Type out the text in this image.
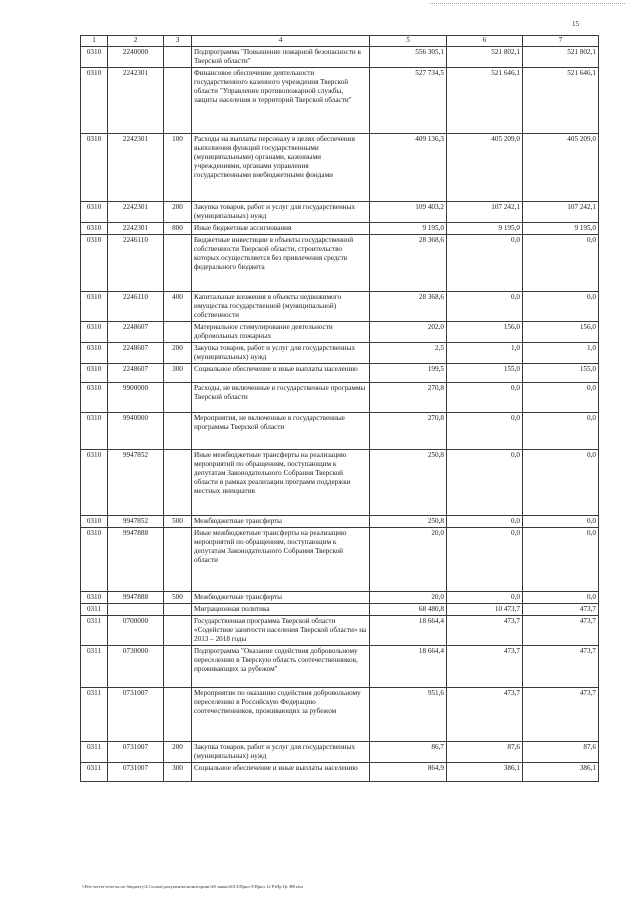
15
1	2	3	4	5	6	7
0310	2240000		Подпрограмма "Повышение пожарной безопасности в Тверской области"	556 305,1	521 802,1	521 802,1
0310	2242301		Финансовое обеспечение деятельности государственного казенного учреждения Тверской области "Управление противопожарной службы, защиты населения и территорий Тверской области"	527 734,5	521 646,1	521 646,1
0310	2242301	100	Расходы на выплаты персоналу в целях обеспечения выполнения функций государственными (муниципальными) органами, казенными учреждениями, органами управления государственными внебюджетными фондами	409 136,3	405 209,0	405 209,0
0310	2242301	200	Закупка товаров, работ и услуг для государственных (муниципальных) нужд	109 403,2	107 242,1	107 242,1
0310	2242301	800	Иные бюджетные ассигнования	9 195,0	9 195,0	9 195,0
0310	2246110		Бюджетные инвестиции в объекты государственной собственности Тверской области, строительство которых осуществляется без привлечения средств федерального бюджета	28 368,6	0,0	0,0
0310	2246110	400	Капитальные вложения в объекты недвижимого имущества государственной (муниципальной) собственности	28 368,6	0,0	0,0
0310	2248607		Материальное стимулирование деятельности добровольных пожарных	202,0	156,0	156,0
0310	2248607	200	Закупка товаров, работ и услуг для государственных (муниципальных) нужд	2,5	1,0	1,0
0310	2248607	300	Социальное обеспечение и иные выплаты населению	199,5	155,0	155,0
0310	9900000		Расходы, не включенные в государственные программы Тверской области	270,8	0,0	0,0
0310	9940000		Мероприятия, не включенные в государственные программы Тверской области	270,8	0,0	0,0
0310	9947852		Иные межбюджетные трансферты на реализацию мероприятий по обращениям, поступающим к депутатам Законодательного Собрания Тверской области в рамках реализации программ поддержки местных инициатив	250,8	0,0	0,0
0310	9947852	500	Межбюджетные трансферты	250,8	0,0	0,0
0310	9947888		Иные межбюджетные трансферты на реализацию мероприятий по обращениям, поступающим к депутатам Законодательного Собрания Тверской области	20,0	0,0	0,0
0310	9947888	500	Межбюджетные трансферты	20,0	0,0	0,0
0311			Миграционная политика	68 480,8	10 473,7	473,7
0311	0700000		Государственная программа Тверской области «Содействие занятости населения Тверской области» на 2013 – 2018 годы	18 664,4	473,7	473,7
0311	0730000		Подпрограмма "Оказание содействия добровольному переселению в Тверскую область соотечественников, проживающих за рубежом"	18 664,4	473,7	473,7
0311	0731007		Мероприятие по оказанию содействия добровольному переселению в Российскую Федерацию соотечественников, проживающих за рубежом	951,6	473,7	473,7
0311	0731007	200	Закупка товаров, работ и услуг для государственных (муниципальных) нужд	86,7	87,6	87,6
0311	0731007	300	Социальное обеспечение и иные выплаты населению	864,9	386,1	386,1
\\File-server\отчеты по бюджету\З.Сосков\документы\мониторинг\49 закон\2013\Прил 5\Прил 12 РзПр Цс ВР.xlsx
